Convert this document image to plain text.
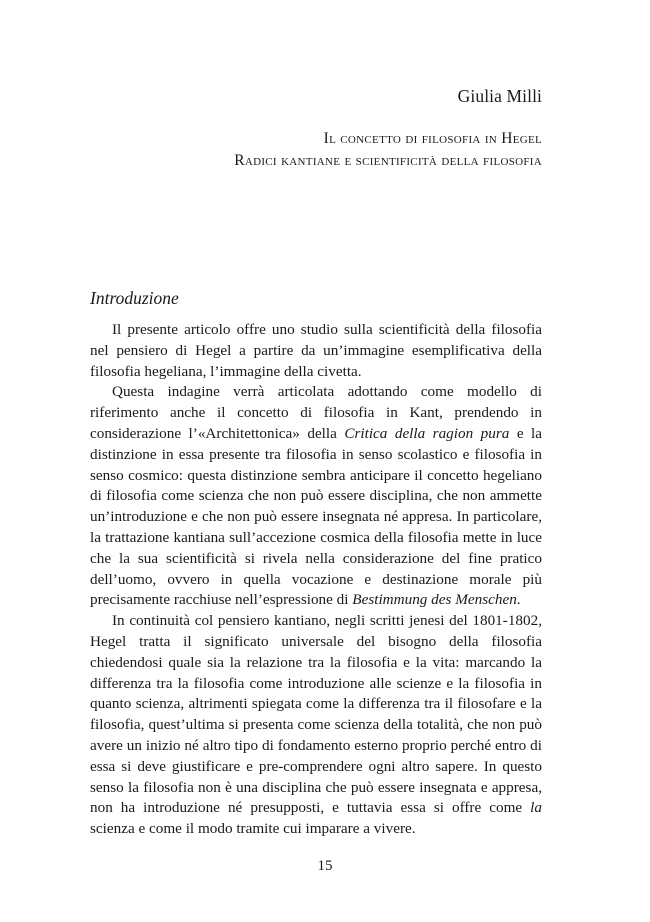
Giulia Milli
Il concetto di filosofia in Hegel
Radici kantiane e scientificità della filosofia
Introduzione

Il presente articolo offre uno studio sulla scientificità della filosofia nel pensiero di Hegel a partire da un’immagine esemplificativa della filosofia hegeliana, l’immagine della civetta.

Questa indagine verrà articolata adottando come modello di riferimento anche il concetto di filosofia in Kant, prendendo in considerazione l’«Architettonica» della Critica della ragion pura e la distinzione in essa presente tra filosofia in senso scolastico e filosofia in senso cosmico: questa distinzione sembra anticipare il concetto hegeliano di filosofia come scienza che non può essere disciplina, che non ammette un’introduzione e che non può essere insegnata né appresa. In particolare, la trattazione kantiana sull’accezione cosmica della filosofia mette in luce che la sua scientificità si rivela nella considerazione del fine pratico dell’uomo, ovvero in quella vocazione e destinazione morale più precisamente racchiuse nell’espressione di Bestimmung des Menschen.

In continuità col pensiero kantiano, negli scritti jenesi del 1801-1802, Hegel tratta il significato universale del bisogno della filosofia chiedendosi quale sia la relazione tra la filosofia e la vita: marcando la differenza tra la filosofia come introduzione alle scienze e la filosofia in quanto scienza, altrimenti spiegata come la differenza tra il filosofare e la filosofia, quest’ultima si presenta come scienza della totalità, che non può avere un inizio né altro tipo di fondamento esterno proprio perché entro di essa si deve giustificare e pre-comprendere ogni altro sapere. In questo senso la filosofia non è una disciplina che può essere insegnata e appresa, non ha introduzione né presupposti, e tuttavia essa si offre come la scienza e come il modo tramite cui imparare a vivere.

15
